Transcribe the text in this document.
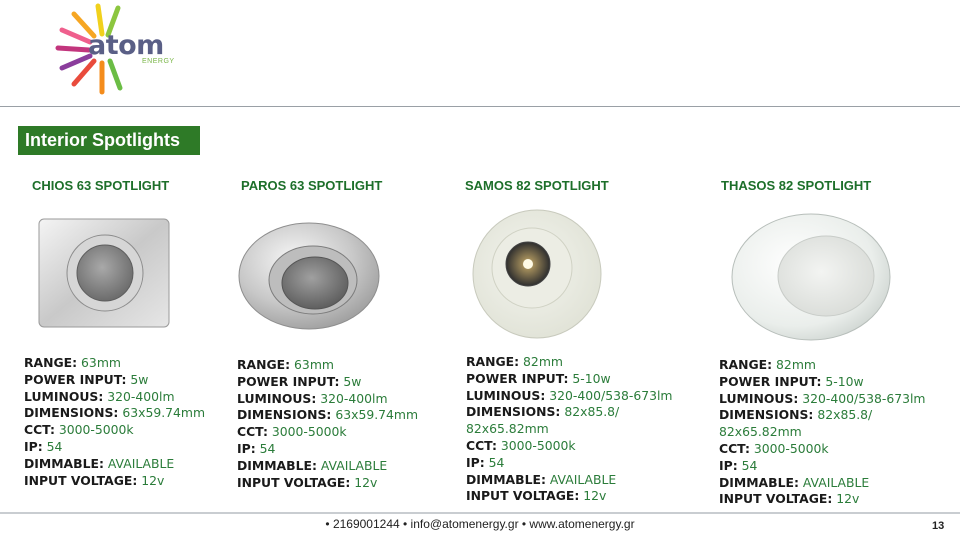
atom
ENERGY
Interior Spotlights
CHIOS 63 SPOTLIGHT	PAROS 63 SPOTLIGHT	SAMOS 82 SPOTLIGHT	THASOS 82 SPOTLIGHT
RANGE: 63mm
POWER INPUT: 5w
LUMINOUS: 320-400lm
DIMENSIONS: 63x59.74mm
CCT: 3000-5000k
IP: 54
DIMMABLE: AVAILABLE
INPUT VOLTAGE: 12v
RANGE: 63mm
POWER INPUT: 5w
LUMINOUS: 320-400lm
DIMENSIONS: 63x59.74mm
CCT: 3000-5000k
IP: 54
DIMMABLE: AVAILABLE
INPUT VOLTAGE: 12v
RANGE: 82mm
POWER INPUT: 5-10w
LUMINOUS: 320-400/538-673lm
DIMENSIONS: 82x85.8/
82x65.82mm
CCT: 3000-5000k
IP: 54
DIMMABLE: AVAILABLE
INPUT VOLTAGE: 12v
RANGE: 82mm
POWER INPUT: 5-10w
LUMINOUS: 320-400/538-673lm
DIMENSIONS: 82x85.8/
82x65.82mm
CCT: 3000-5000k
IP: 54
DIMMABLE: AVAILABLE
INPUT VOLTAGE: 12v
• 2169001244 • info@atomenergy.gr • www.atomenergy.gr	13
